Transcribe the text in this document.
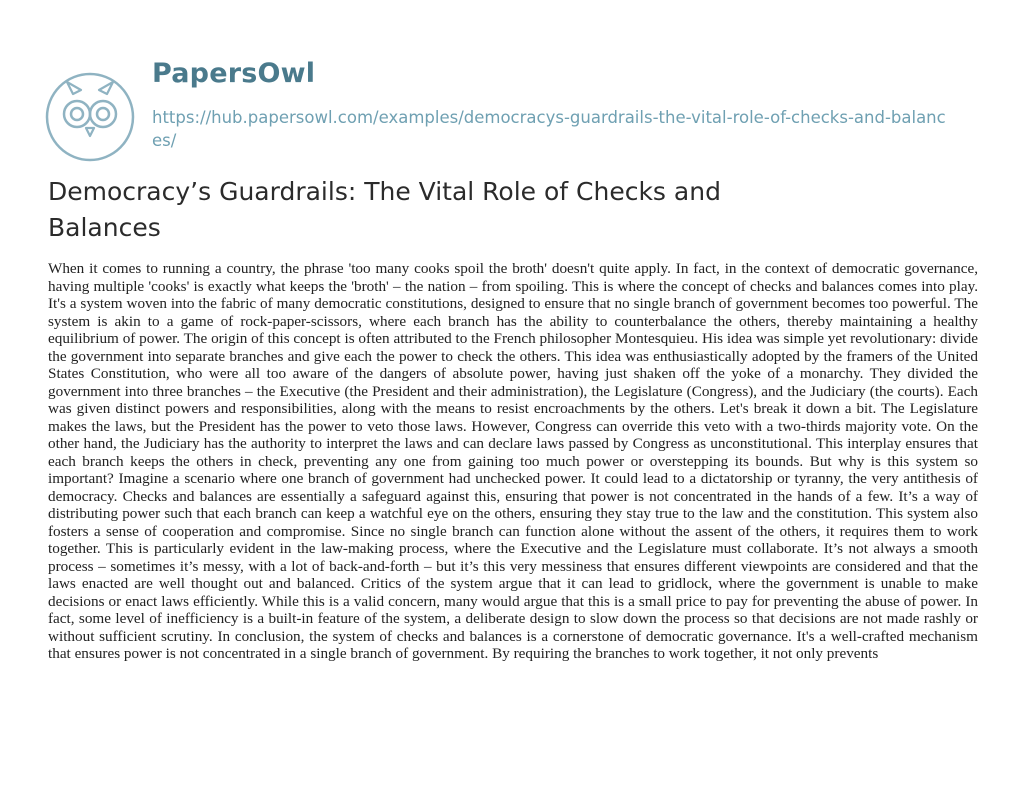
PapersOwl
https://hub.papersowl.com/examples/democracys-guardrails-the-vital-role-of-checks-and-balances/
Democracy’s Guardrails: The Vital Role of Checks and Balances

When it comes to running a country, the phrase 'too many cooks spoil the broth' doesn't quite apply. In fact, in the context of democratic governance, having multiple 'cooks' is exactly what keeps the 'broth' – the nation – from spoiling. This is where the concept of checks and balances comes into play. It's a system woven into the fabric of many democratic constitutions, designed to ensure that no single branch of government becomes too powerful. The system is akin to a game of rock-paper-scissors, where each branch has the ability to counterbalance the others, thereby maintaining a healthy equilibrium of power. The origin of this concept is often attributed to the French philosopher Montesquieu. His idea was simple yet revolutionary: divide the government into separate branches and give each the power to check the others. This idea was enthusiastically adopted by the framers of the United States Constitution, who were all too aware of the dangers of absolute power, having just shaken off the yoke of a monarchy. They divided the government into three branches – the Executive (the President and their administration), the Legislature (Congress), and the Judiciary (the courts). Each was given distinct powers and responsibilities, along with the means to resist encroachments by the others. Let's break it down a bit. The Legislature makes the laws, but the President has the power to veto those laws. However, Congress can override this veto with a two-thirds majority vote. On the other hand, the Judiciary has the authority to interpret the laws and can declare laws passed by Congress as unconstitutional. This interplay ensures that each branch keeps the others in check, preventing any one from gaining too much power or overstepping its bounds. But why is this system so important? Imagine a scenario where one branch of government had unchecked power. It could lead to a dictatorship or tyranny, the very antithesis of democracy. Checks and balances are essentially a safeguard against this, ensuring that power is not concentrated in the hands of a few. It’s a way of distributing power such that each branch can keep a watchful eye on the others, ensuring they stay true to the law and the constitution. This system also fosters a sense of cooperation and compromise. Since no single branch can function alone without the assent of the others, it requires them to work together. This is particularly evident in the law-making process, where the Executive and the Legislature must collaborate. It’s not always a smooth process – sometimes it’s messy, with a lot of back-and-forth – but it’s this very messiness that ensures different viewpoints are considered and that the laws enacted are well thought out and balanced. Critics of the system argue that it can lead to gridlock, where the government is unable to make decisions or enact laws efficiently. While this is a valid concern, many would argue that this is a small price to pay for preventing the abuse of power. In fact, some level of inefficiency is a built-in feature of the system, a deliberate design to slow down the process so that decisions are not made rashly or without sufficient scrutiny. In conclusion, the system of checks and balances is a cornerstone of democratic governance. It's a well-crafted mechanism that ensures power is not concentrated in a single branch of government. By requiring the branches to work together, it not only prevents
